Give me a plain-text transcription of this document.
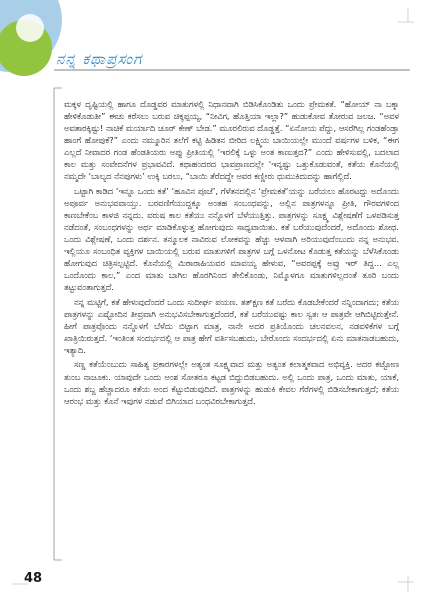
ನನ್ನ ಕಥಾಪ್ರಸಂಗ

ಮಕ್ಕಳ ದೃಷ್ಟಿಯಲ್ಲಿ ಹಾಗೂ ದೊಡ್ಡವರ ಮಾತುಗಳಲ್ಲಿ ನಿಧಾನವಾಗಿ ಬಿಡಿಸಿಕೊಂಡಿತು ಒಂದು ಪ್ರೇಮಕತೆ. “ಹೋಯ್ ನಾ ಬಕ್ಕಾ ಹೇಳಿಕೊಡುತೀ” ಈಚು ಕರೆಸಲು ಬರುವ ಚಿಕ್ಕಪ್ಪಯ್ಯ, “ನೀವಿಗ, ಹೊತ್ತಿಯಾ ಇಲ್ಲಾ?” ಹುಡುಕೋವ ತೋರುವ ಜಲಜ. “ಅವಳ ಅವತಾರಕ್ಕಿಷ್ಟು! ನಾಚಿಕೆ ಮರ್ಯಾದಿ ಚೂರ್ ಕೇಣ್ ಬೇಡ.” ಮೂರಲಿರುವ ದೊಡ್ಡತ್ತೆ. “ಏನೋಯ ಪೆದ್ದು, ಆಸರೆಗಿಲ್ಲ ಗಂಡಹೆಂಡ್ತಾ ಹಾಂಗೆ ಹೋಪುಕೆ?” ಎಂದು ನಮ್ಮೂರಿನ ತಲೆಗೆ ಕಟ್ಟಿ ಹಿಡಿತನ ಬೀರಿದ ಲಕ್ಷ್ಮಿಯ ಬಾಯಿಯಲ್ಲೇ ಮುಂದೆ ವರ್ಷಗಳ ಬಳಿಕ, “ಈಗ ಎಲ್ಲದೆ ನೀವಾದರ ಗಂಡ ಹೆಂಡತಿಯರು ಅಪ್ಪು ಪ್ರೀತಿಯಲ್ಲಿ ‘ಇರಲಿಕ್ಕೆ ಒಳ್ಳು ಅಂತ ಕಾಣುತ್ತದ?” ಎಂದು ಹೇಳಿಸುವಲ್ಲಿ, ಬದಲಾದ ಕಾಲ ಮತ್ತು ಸಂವೇದನೆಗಳ ಪ್ರಭಾವವಿದೆ. ಕಥಾಹಂದರದ ಭಾವಪ್ರಾಣದಲ್ಲೇ ‘ಇನ್ಯಷ್ಟು ಒತ್ತುಕೊಡುವಂತೆ, ಕತೆಯ ಕೊನೆಯಲ್ಲಿ ನಮ್ಮದೇ ‘ಬಾಲ್ಯದ ನೆನಪುಗಳು’ ಉಕ್ಕಿ ಬರಲು, “ಬಾಯಿ ತೆರೆದದ್ದೇ ಅವರ ಕಣ್ಣೀರು ಧುಮುಕಿದುದನ್ನು ಹಾಗೆಲ್ಲಿದೆ.

ಒಟ್ಟಾಗಿ ಕಾಡಿದ ‘ಇನ್ನೂ ಒಂದು ಕತೆ’ ‘ಹೂವಿನ ಪೂಜೆ’, ಗೆಳೆತನದಲ್ಲಿನ ‘ಪ್ರೇಮಕತೆ’ಯನ್ನು ಬರೆಯಲು ಹೊರಟದ್ದು ಅದೊಂದು ಅಪೂರ್ವ ಅನುಭವವಾಯ್ತು. ಬರವಣಿಗೆಯುದ್ದಕ್ಕೂ ಅಂತಹ ಸಂಬಂಧವನ್ನು, ಅಲ್ಲಿನ ಪಾತ್ರಗಳನ್ನೂ ಪ್ರೀತಿ, ಗೌರವಗಳಿಂದ ಕಾಣಬೇಕೆಂಬ ಕಾಳಜಿ ನನ್ನದು. ವರುಷ ಕಾಲ ಕತೆಯು ನನ್ನೊಳಗೆ ಬೆಳೆಯುತ್ತಿತ್ತು. ಪಾತ್ರಗಳನ್ನು ಸೂಕ್ಷ್ಮ ವಿಶ್ಲೇಷಣೆಗೆ ಒಳಪಡಿಸುತ್ತ ನಡೆದಂತೆ, ಸಂಬಂಧಗಳನ್ನು ಅರ್ಥ ಮಾಡಿಕೊಳ್ಳುತ್ತ ಹೋಗುವುದು ಸಾಧ್ಯವಾಯಿತು. ಕತೆ ಬರೆಯುವುದೆಂದರೆ, ಅದೊಂದು ಶೋಧ. ಒಂದು ವಿಶ್ಲೇಷಣೆ, ಒಂದು ದರ್ಶನ. ತನ್ಮೂಲಕ ನಾವಿರುವ ಲೋಕವನ್ನು ಹೆಚ್ಚು ಆಳವಾಗಿ ಅರಿಯುವುದೆಂಬುದು ನನ್ನ ಅನುಭವ. ಇಲ್ಲಿಯೂ ಸಂಬಂಧಿತ ವ್ಯಕ್ತಿಗಳ ಬಾಯಿಯಲ್ಲಿ ಬರುವ ಮಾತುಗಳಿಗೆ ಪಾತ್ರಗಳ ಬಗ್ಗೆ ಒಳನೋಟ ಕೊಡುತ್ತ ಕತೆಯನ್ನು ಬೆಳೆಸಿಕೊಂಡು ಹೋಗುವುದ ಚಿತ್ರಿಸಲ್ಪಟ್ಟಿದೆ. ಕೊನೆಯಲ್ಲಿ ಮಿಠಾರಾಹಿಯವರ ಮಾವಯ್ಯ ಹೇಳುವ, “ಅವರಪ್ಪಕ್ಕೆ ಅವ್ರು ಇರ್ ತಿದ್ದ... ಎಲ್ಲ ಒಂದೊಂದು ಕಾಲ,” ಎಂದ ಮಾತು ಬಾಗಿಲ ಹೊರಗಿನಿಂದ ತೇಲಿಕೊಂಡು, ನಿಮ್ಮೊಳಗೂ ಮಾತುಗಳಿಲ್ಲದಂತೆ ತೂರಿ ಬಂದು ತಟ್ಟುವಂತಾಗುತ್ತದೆ.

ನನ್ನ ಮಟ್ಟಿಗೆ, ಕತೆ ಹೇಳುವುದೆಂದರೆ ಒಂದು ಸುದೀರ್ಘ ಪಯಣ. ತತ್‌ಕ್ಷಣ ಕತೆ ಬರೆದು ಕೊಡಬೇಕೆಂದರೆ ನನ್ನಿಂದಾಗದು; ಕತೆಯ ಪಾತ್ರಗಳನ್ನು ಎಷ್ಟೋದಿನ ತೀವ್ರವಾಗಿ ಅನುಭವಿಸಬೇಕಾಗುತ್ತದೆಂದರೆ, ಕತೆ ಬರೆಯುವಷ್ಟು ಕಾಲ ಸ್ವತಃ ಆ ಪಾತ್ರವೇ ಆಗಿಬಿಟ್ಟಿರುತ್ತೇನೆ. ಹೀಗೆ ಪಾತ್ರವೊಂದು ನನ್ನೊಳಗೆ ಬೆಳೆದು ಬಿಟ್ಟಾಗ ಮಾತ್ರ, ನಾನೇ ಅದರ ಪ್ರತಿಯೊಂದು ಚಲನವಲನ, ನಡವಳಿಕೆಗಳ ಬಗ್ಗೆ ಖಾತ್ರಿಯಿರುತ್ತದೆ. ‘ಇಂತಿಂತ ಸಂದರ್ಭದಲ್ಲಿ ಆ ಪಾತ್ರ ಹೇಗೆ ವರ್ತಿಸಬಹುದು, ಬೇರೊಂದು ಸಂದರ್ಭದಲ್ಲಿ ಏನು ಮಾತನಾಡಬಹುದು, ಇತ್ಯಾದಿ.

ಸಣ್ಣ ಕತೆಯೆಂಬುದು ಸಾಹಿತ್ಯ ಪ್ರಕಾರಗಳಲ್ಲೇ ಅತ್ಯಂತ ಸೂಕ್ಷ್ಮವಾದ ಮತ್ತು ಅತ್ಯಂತ ಕಲಾತ್ಮಕವಾದ ಅಭಿವ್ಯಕ್ತಿ. ಅದರ ಕಟ್ಟೋಣ ತುಂಬ ನಾಜೂಕು. ಯಾವುದೇ ಒಂದು ಅಂಶ ಸೋತರೂ ಕಟ್ಟಡ ಬಿದ್ದುಬಿಡಬಹುದು. ಅಲ್ಲಿ ಒಂದು ಪಾತ್ರ, ಒಂದು ಮಾತು, ಯಾಕೆ, ಒಂದು ಶಬ್ದ ಹೆಚ್ಚಾದರೂ ಕತೆಯ ಅಂದ ಕೆಟ್ಟುಬಿಡುವುದಿದೆ. ಪಾತ್ರಗಳನ್ನು ಹುಡುಕಿ ಕೇವಲ ಗೆರೆಗಳಲ್ಲಿ ಬಿಡಿಸಬೇಕಾಗುತ್ತದೆ; ಕತೆಯ ಆರಂಭ ಮತ್ತು ಕೊನೆ ಇವುಗಳ ನಡುವೆ ಬಿಗಿಯಾದ ಬಂಧವಿರಬೇಕಾಗುತ್ತದೆ.

48
